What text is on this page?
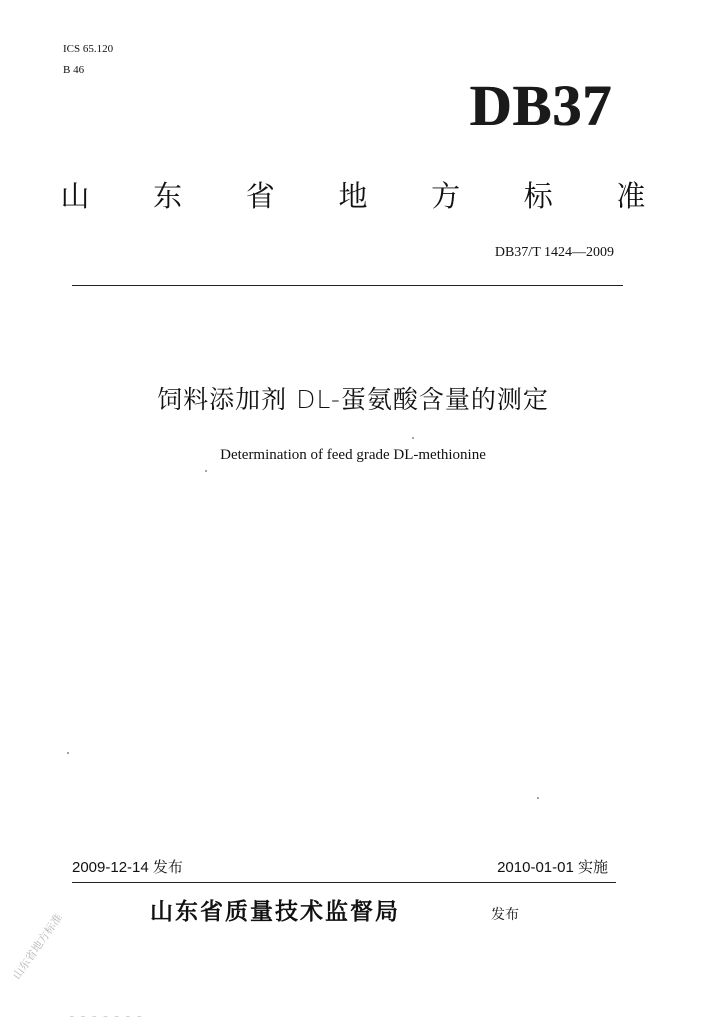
ICS 65.120
B 46
DB37
山 东 省 地 方 标 准
DB37/T 1424—2009
饲料添加剂 DL-蛋氨酸含量的测定
Determination of feed grade DL-methionine
2009-12-14 发布	2010-01-01 实施
山东省质量技术监督局	发布
山东省地方标准
— — — — — — —
